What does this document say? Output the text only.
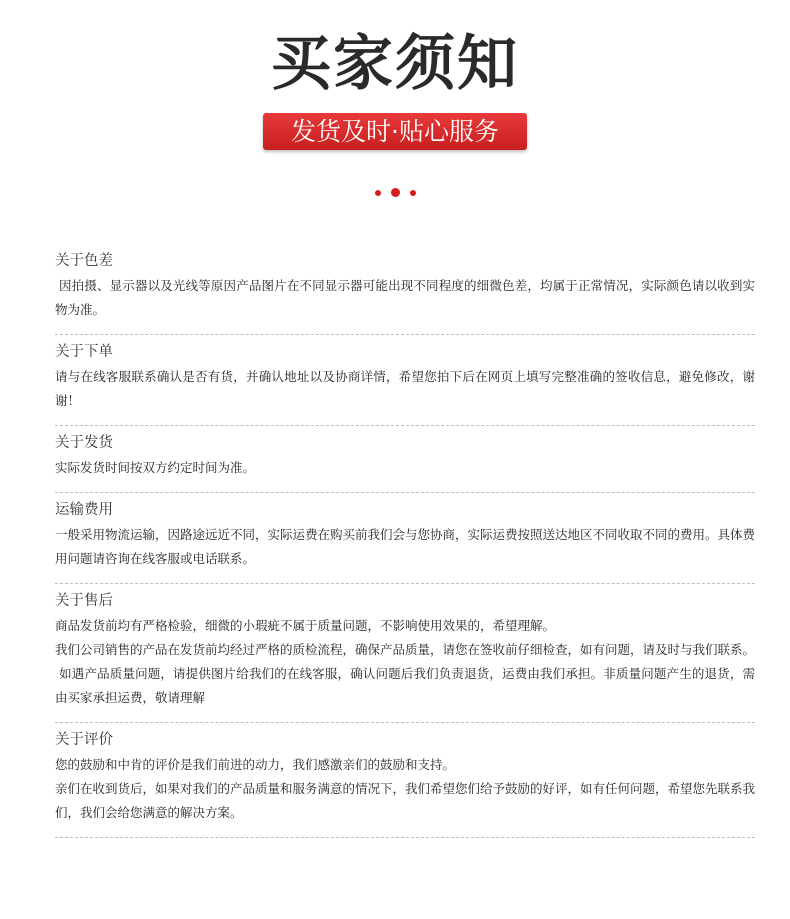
买家须知
发货及时·贴心服务
关于色差
因拍摄、显示器以及光线等原因产品图片在不同显示器可能出现不同程度的细微色差，均属于正常情况，实际颜色请以收到实物为准。
关于下单
请与在线客服联系确认是否有货，并确认地址以及协商详情，希望您拍下后在网页上填写完整准确的签收信息，避免修改，谢谢！
关于发货
实际发货时间按双方约定时间为准。
运输费用
一般采用物流运输，因路途远近不同，实际运费在购买前我们会与您协商，实际运费按照送达地区不同收取不同的费用。具体费用问题请咨询在线客服或电话联系。
关于售后
商品发货前均有严格检验，细微的小瑕疵不属于质量问题，不影响使用效果的，希望理解。
我们公司销售的产品在发货前均经过严格的质检流程，确保产品质量，请您在签收前仔细检查，如有问题，请及时与我们联系。
如遇产品质量问题，请提供图片给我们的在线客服，确认问题后我们负责退货，运费由我们承担。非质量问题产生的退货，需由买家承担运费，敬请理解
关于评价
您的鼓励和中肯的评价是我们前进的动力，我们感激亲们的鼓励和支持。
亲们在收到货后，如果对我们的产品质量和服务满意的情况下，我们希望您们给予鼓励的好评，如有任何问题，希望您先联系我们，我们会给您满意的解决方案。
